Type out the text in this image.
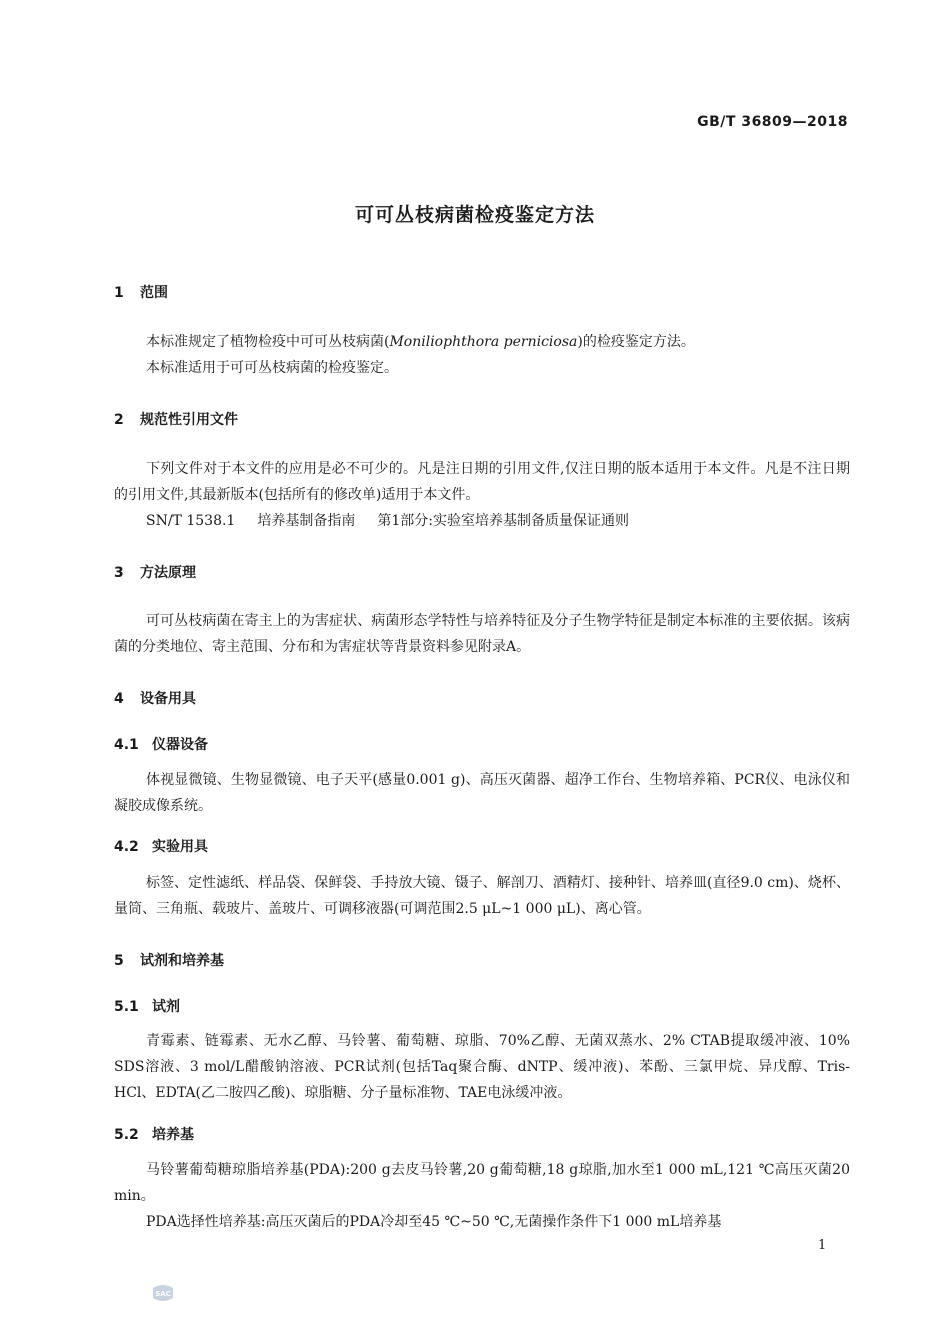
GB/T 36809—2018
可可丛枝病菌检疫鉴定方法
1 范围
本标准规定了植物检疫中可可丛枝病菌(Moniliophthora perniciosa)的检疫鉴定方法。
本标准适用于可可丛枝病菌的检疫鉴定。
2 规范性引用文件
下列文件对于本文件的应用是必不可少的。凡是注日期的引用文件,仅注日期的版本适用于本文件。凡是不注日期的引用文件,其最新版本(包括所有的修改单)适用于本文件。
SN/T 1538.1 培养基制备指南 第1部分:实验室培养基制备质量保证通则
3 方法原理
可可丛枝病菌在寄主上的为害症状、病菌形态学特性与培养特征及分子生物学特征是制定本标准的主要依据。该病菌的分类地位、寄主范围、分布和为害症状等背景资料参见附录A。
4 设备用具
4.1 仪器设备
体视显微镜、生物显微镜、电子天平(感量0.001 g)、高压灭菌器、超净工作台、生物培养箱、PCR仪、电泳仪和凝胶成像系统。
4.2 实验用具
标签、定性滤纸、样品袋、保鲜袋、手持放大镜、镊子、解剖刀、酒精灯、接种针、培养皿(直径9.0 cm)、烧杯、量筒、三角瓶、载玻片、盖玻片、可调移液器(可调范围2.5 μL~1 000 μL)、离心管。
5 试剂和培养基
5.1 试剂
青霉素、链霉素、无水乙醇、马铃薯、葡萄糖、琼脂、70%乙醇、无菌双蒸水、2% CTAB提取缓冲液、10% SDS溶液、3 mol/L醋酸钠溶液、PCR试剂(包括Taq聚合酶、dNTP、缓冲液)、苯酚、三氯甲烷、异戊醇、Tris-HCl、EDTA(乙二胺四乙酸)、琼脂糖、分子量标准物、TAE电泳缓冲液。
5.2 培养基
马铃薯葡萄糖琼脂培养基(PDA):200 g去皮马铃薯,20 g葡萄糖,18 g琼脂,加水至1 000 mL,121 ℃高压灭菌20 min。
PDA选择性培养基:高压灭菌后的PDA冷却至45 ℃~50 ℃,无菌操作条件下1 000 mL培养基
1
SAC
